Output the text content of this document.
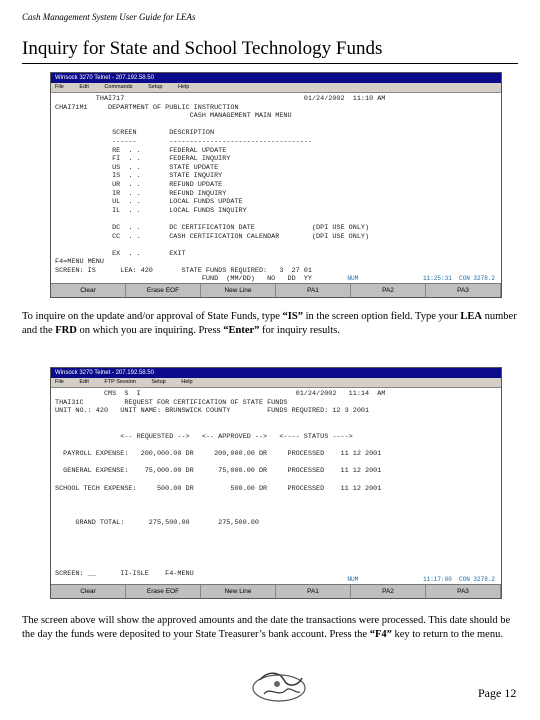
Cash Management System User Guide for LEAs
Inquiry for State and School Technology Funds
Winsock 3270 Telnet - 207.192.58.50
File	Edit	Commands	Setup	Help
THAI717                                            01/24/2002  11:10 AM
CHAI71M1     DEPARTMENT OF PUBLIC INSTRUCTION
CASH MANAGEMENT MAIN MENU

SCREEN        DESCRIPTION
------        -----------------------------------
RE  . .       FEDERAL UPDATE
FI  . .       FEDERAL INQUIRY
US  . .       STATE UPDATE
IS  . .       STATE INQUIRY
UR  . .       REFUND UPDATE
IR  . .       REFUND INQUIRY
UL  . .       LOCAL FUNDS UPDATE
IL  . .       LOCAL FUNDS INQUIRY

DC  . .       DC CERTIFICATION DATE              (DPI USE ONLY)
CC  . .       CASH CERTIFICATION CALENDAR        (DPI USE ONLY)

EX  . .       EXIT
F4=MENU MENU
SCREEN: IS      LEA: 420       STATE FUNDS REQUIRED:   3  27 01
FUND  (MM/DD)   NO   DD  YY	NUM                  11:25:31  CON 3278.2
Clear	Erase EOF	New Line	PA1	PA2	PA3

To inquire on the update and/or approval of State Funds, type “IS” in the screen option field. Type your LEA number and the FRD on which you are inquiring. Press “Enter” for inquiry results.

Winsock 3270 Telnet - 207.192.58.50
File	Edit	FTP Session	Setup	Help
CMS  S  I                                      01/24/2002   11:14  AM
THAI31C          REQUEST FOR CERTIFICATION OF STATE FUNDS
UNIT NO.: 420   UNIT NAME: BRUNSWICK COUNTY         FUNDS REQUIRED: 12 3 2001

<-- REQUESTED -->   <-- APPROVED -->   <---- STATUS ---->

PAYROLL EXPENSE:   200,000.00 DR     200,000.00 DR     PROCESSED    11 12 2001

GENERAL EXPENSE:    75,000.00 DR      75,000.00 DR     PROCESSED    11 12 2001

SCHOOL TECH EXPENSE:     500.00 DR         500.00 DR     PROCESSED    11 12 2001

GRAND TOTAL:      275,500.00       275,500.00

SCREEN: __      II-ISLE    F4-MENU
NUM                  11:17:00  CON 3278.2
Clear	Erase EOF	New Line	PA1	PA2	PA3

The screen above will show the approved amounts and the date the transactions were processed. This date should be the day the funds were deposited to your State Treasurer’s bank account. Press the “F4” key to return to the menu.

Page 12
